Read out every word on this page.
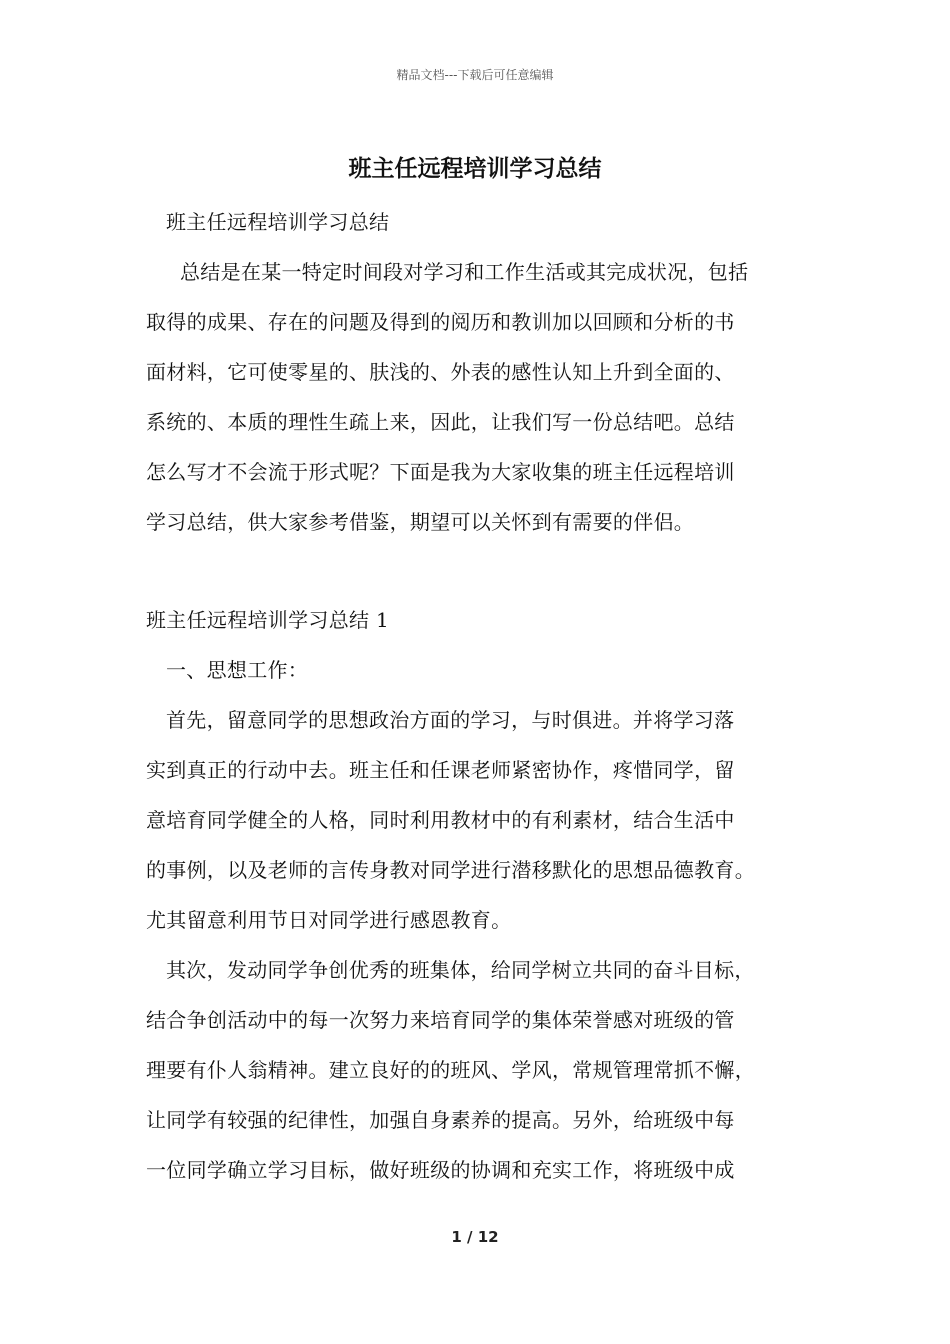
精品文档---下载后可任意编辑
班主任远程培训学习总结
班主任远程培训学习总结
总结是在某一特定时间段对学习和工作生活或其完成状况，包括
取得的成果、存在的问题及得到的阅历和教训加以回顾和分析的书
面材料，它可使零星的、肤浅的、外表的感性认知上升到全面的、
系统的、本质的理性生疏上来，因此，让我们写一份总结吧。总结
怎么写才不会流于形式呢？下面是我为大家收集的班主任远程培训
学习总结，供大家参考借鉴，期望可以关怀到有需要的伴侣。
班主任远程培训学习总结 1
一、思想工作：
首先，留意同学的思想政治方面的学习，与时俱进。并将学习落
实到真正的行动中去。班主任和任课老师紧密协作，疼惜同学，留
意培育同学健全的人格，同时利用教材中的有利素材，结合生活中
的事例，以及老师的言传身教对同学进行潜移默化的思想品德教育。
尤其留意利用节日对同学进行感恩教育。
其次，发动同学争创优秀的班集体，给同学树立共同的奋斗目标，
结合争创活动中的每一次努力来培育同学的集体荣誉感对班级的管
理要有仆人翁精神。建立良好的的班风、学风，常规管理常抓不懈，
让同学有较强的纪律性，加强自身素养的提高。另外，给班级中每
一位同学确立学习目标，做好班级的协调和充实工作，将班级中成
1 / 12
